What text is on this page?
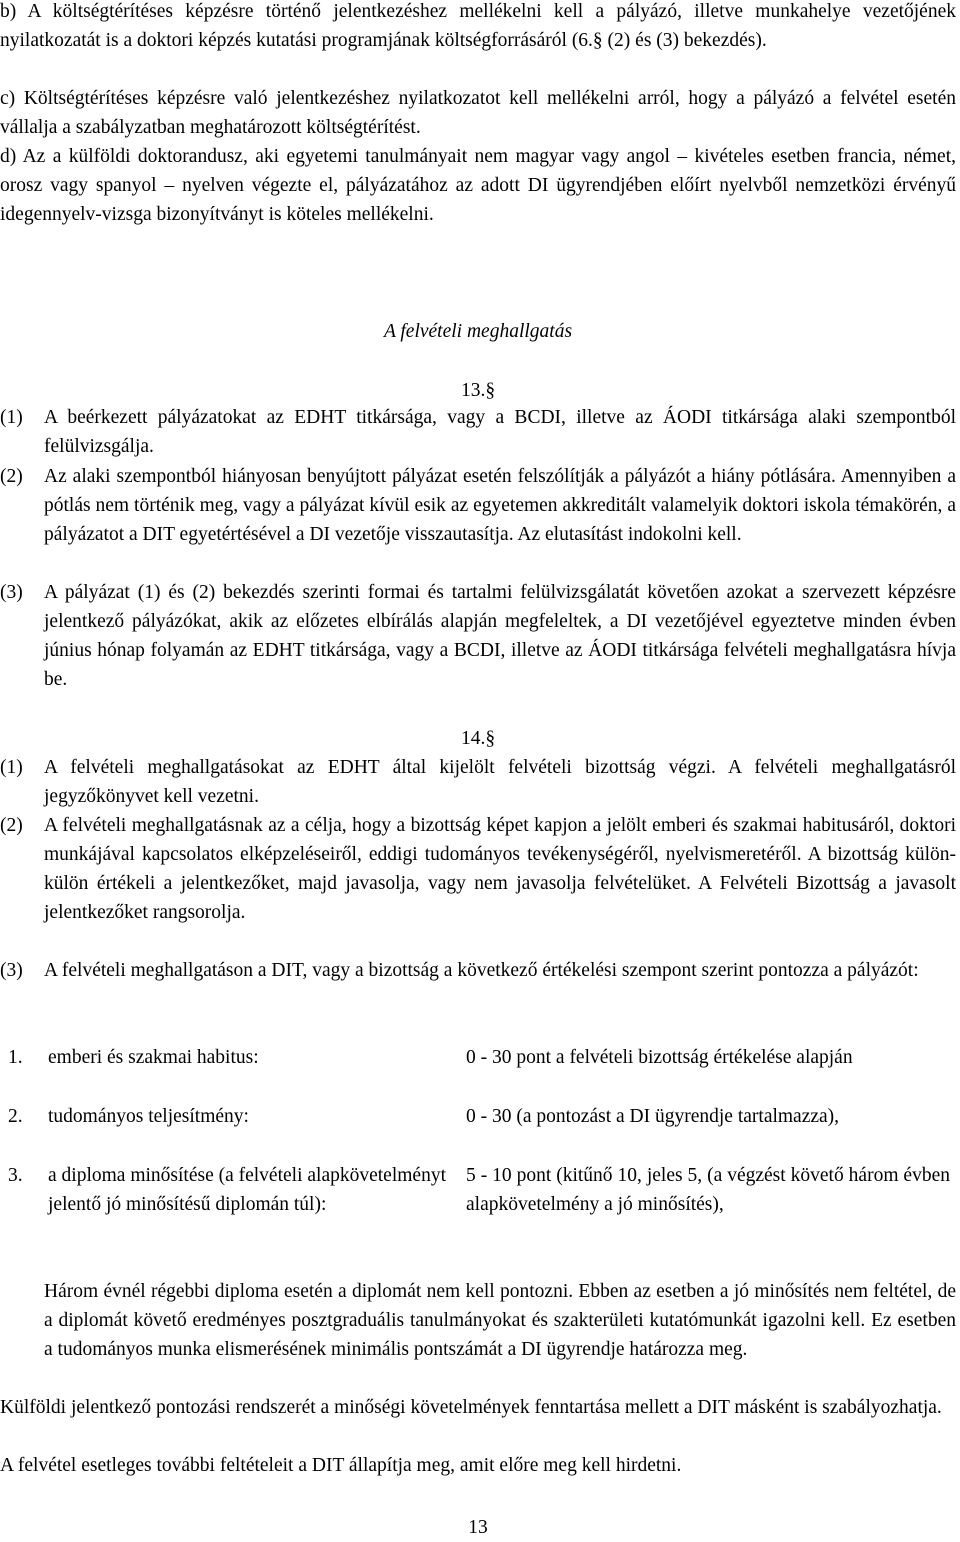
b) A költségtérítéses képzésre történő jelentkezéshez mellékelni kell a pályázó, illetve munkahelye vezetőjének nyilatkozatát is a doktori képzés kutatási programjának költségforrásáról (6.§ (2) és (3) bekezdés).
c) Költségtérítéses képzésre való jelentkezéshez nyilatkozatot kell mellékelni arról, hogy a pályázó a felvétel esetén vállalja a szabályzatban meghatározott költségtérítést.
d) Az a külföldi doktorandusz, aki egyetemi tanulmányait nem magyar vagy angol – kivételes esetben francia, német, orosz vagy spanyol – nyelven végezte el, pályázatához az adott DI ügyrendjében előírt nyelvből nemzetközi érvényű idegennyelv-vizsga bizonyítványt is köteles mellékelni.
A felvételi meghallgatás
13.§
(1) A beérkezett pályázatokat az EDHT titkársága, vagy a BCDI, illetve az ÁODI titkársága alaki szempontból felülvizsgálja.
(2) Az alaki szempontból hiányosan benyújtott pályázat esetén felszólítják a pályázót a hiány pótlására. Amennyiben a pótlás nem történik meg, vagy a pályázat kívül esik az egyetemen akkreditált valamelyik doktori iskola témakörén, a pályázatot a DIT egyetértésével a DI vezetője visszautasítja. Az elutasítást indokolni kell.
(3) A pályázat (1) és (2) bekezdés szerinti formai és tartalmi felülvizsgálatát követően azokat a szervezett képzésre jelentkező pályázókat, akik az előzetes elbírálás alapján megfeleltek, a DI vezetőjével egyeztetve minden évben június hónap folyamán az EDHT titkársága, vagy a BCDI, illetve az ÁODI titkársága felvételi meghallgatásra hívja be.
14.§
(1) A felvételi meghallgatásokat az EDHT által kijelölt felvételi bizottság végzi. A felvételi meghallgatásról jegyzőkönyvet kell vezetni.
(2) A felvételi meghallgatásnak az a célja, hogy a bizottság képet kapjon a jelölt emberi és szakmai habitusáról, doktori munkájával kapcsolatos elképzeléseiről, eddigi tudományos tevékenységéről, nyelvismeretéről. A bizottság külön-külön értékeli a jelentkezőket, majd javasolja, vagy nem javasolja felvételüket. A Felvételi Bizottság a javasolt jelentkezőket rangsorolja.
(3) A felvételi meghallgatáson a DIT, vagy a bizottság a következő értékelési szempont szerint pontozza a pályázót:
1. emberi és szakmai habitus:	0 - 30 pont a felvételi bizottság értékelése alapján
2. tudományos teljesítmény:	0 - 30 (a pontozást a DI ügyrendje tartalmazza),
3. a diploma minősítése (a felvételi alapkövetelményt jelentő jó minősítésű diplomán túl):
5 - 10 pont (kitűnő 10, jeles 5, (a végzést követő három évben alapkövetelmény a jó minősítés),
Három évnél régebbi diploma esetén a diplomát nem kell pontozni. Ebben az esetben a jó minősítés nem feltétel, de a diplomát követő eredményes posztgraduális tanulmányokat és szakterületi kutatómunkát igazolni kell. Ez esetben a tudományos munka elismerésének minimális pontszámát a DI ügyrendje határozza meg.
Külföldi jelentkező pontozási rendszerét a minőségi követelmények fenntartása mellett a DIT másként is szabályozhatja.
A felvétel esetleges további feltételeit a DIT állapítja meg, amit előre meg kell hirdetni.
13
